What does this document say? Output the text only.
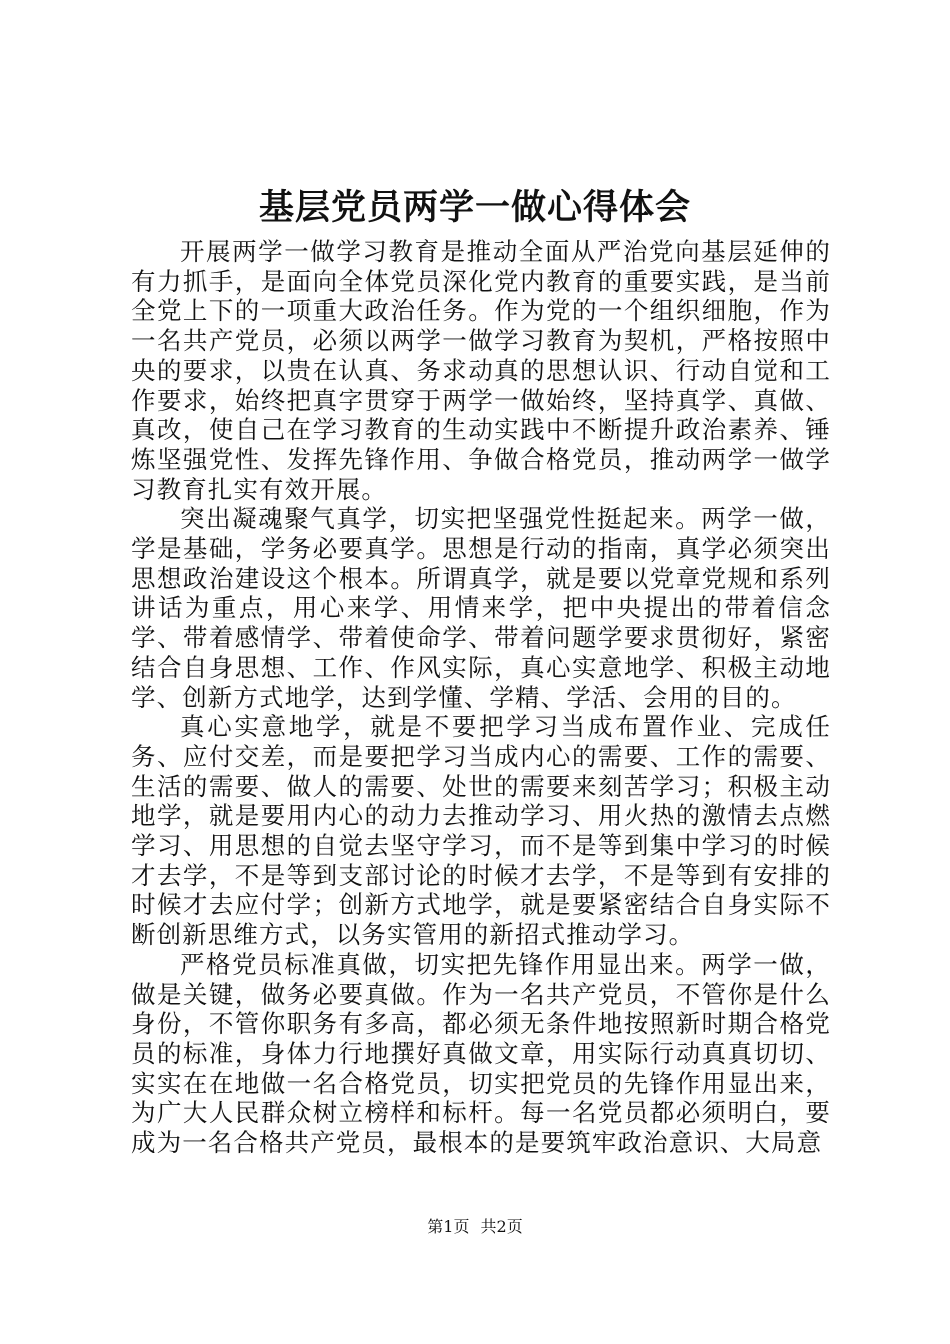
基层党员两学一做心得体会

开展两学一做学习教育是推动全面从严治党向基层延伸的有力抓手，是面向全体党员深化党内教育的重要实践，是当前全党上下的一项重大政治任务。作为党的一个组织细胞，作为一名共产党员，必须以两学一做学习教育为契机，严格按照中央的要求，以贵在认真、务求动真的思想认识、行动自觉和工作要求，始终把真字贯穿于两学一做始终，坚持真学、真做、真改，使自己在学习教育的生动实践中不断提升政治素养、锤炼坚强党性、发挥先锋作用、争做合格党员，推动两学一做学习教育扎实有效开展。

突出凝魂聚气真学，切实把坚强党性挺起来。两学一做，学是基础，学务必要真学。思想是行动的指南，真学必须突出思想政治建设这个根本。所谓真学，就是要以党章党规和系列讲话为重点，用心来学、用情来学，把中央提出的带着信念学、带着感情学、带着使命学、带着问题学要求贯彻好，紧密结合自身思想、工作、作风实际，真心实意地学、积极主动地学、创新方式地学，达到学懂、学精、学活、会用的目的。

真心实意地学，就是不要把学习当成布置作业、完成任务、应付交差，而是要把学习当成内心的需要、工作的需要、生活的需要、做人的需要、处世的需要来刻苦学习；积极主动地学，就是要用内心的动力去推动学习、用火热的激情去点燃学习、用思想的自觉去坚守学习，而不是等到集中学习的时候才去学，不是等到支部讨论的时候才去学，不是等到有安排的时候才去应付学；创新方式地学，就是要紧密结合自身实际不断创新思维方式，以务实管用的新招式推动学习。

严格党员标准真做，切实把先锋作用显出来。两学一做，做是关键，做务必要真做。作为一名共产党员，不管你是什么身份，不管你职务有多高，都必须无条件地按照新时期合格党员的标准，身体力行地撰好真做文章，用实际行动真真切切、实实在在地做一名合格党员，切实把党员的先锋作用显出来，为广大人民群众树立榜样和标杆。每一名党员都必须明白，要成为一名合格共产党员，最根本的是要筑牢政治意识、大局意

第1页 共2页
